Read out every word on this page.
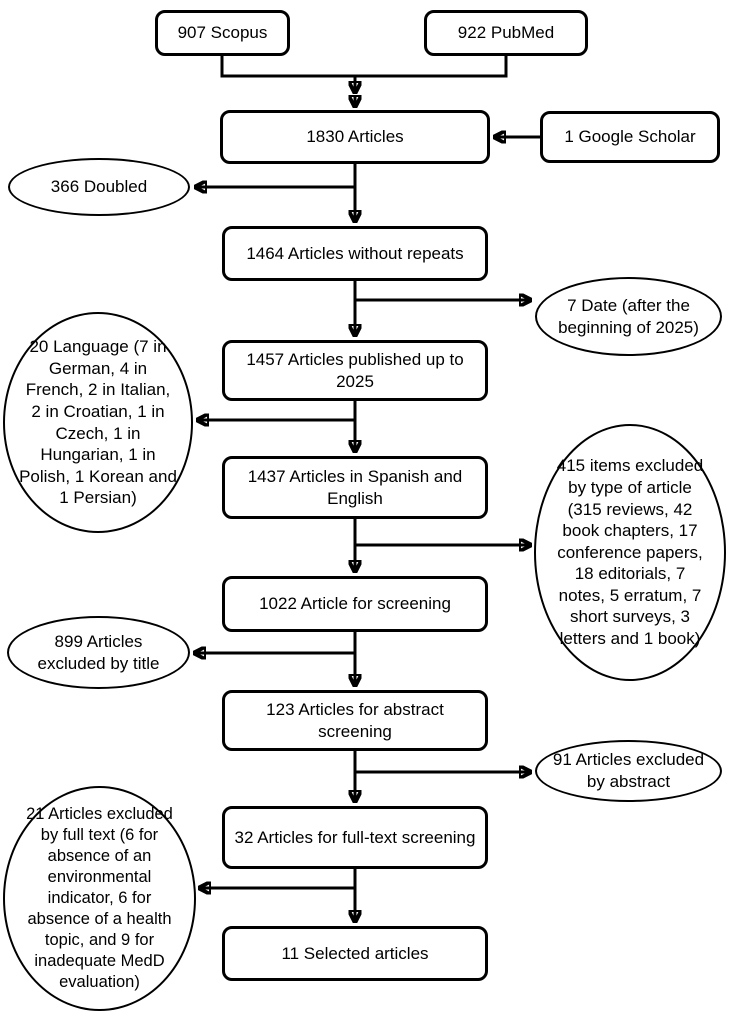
907 Scopus	922 PubMed
1830 Articles	1 Google Scholar
366 Doubled
1464 Articles without repeats
7 Date (after the beginning of 2025)
1457 Articles published up to 2025
20 Language (7 in German, 4 in French, 2 in Italian, 2 in Croatian, 1 in Czech, 1 in Hungarian, 1 in Polish, 1 Korean and 1 Persian)
1437 Articles in Spanish and English
415 items excluded by type of article (315 reviews, 42 book chapters, 17 conference papers, 18 editorials, 7 notes, 5 erratum, 7 short surveys, 3 letters and 1 book)
1022 Article for screening
899 Articles excluded by title
123 Articles for abstract screening
91 Articles excluded by abstract
32 Articles for full-text screening
21 Articles excluded by full text (6 for absence of an environmental indicator, 6 for absence of a health topic, and 9 for inadequate MedD evaluation)
11 Selected articles
